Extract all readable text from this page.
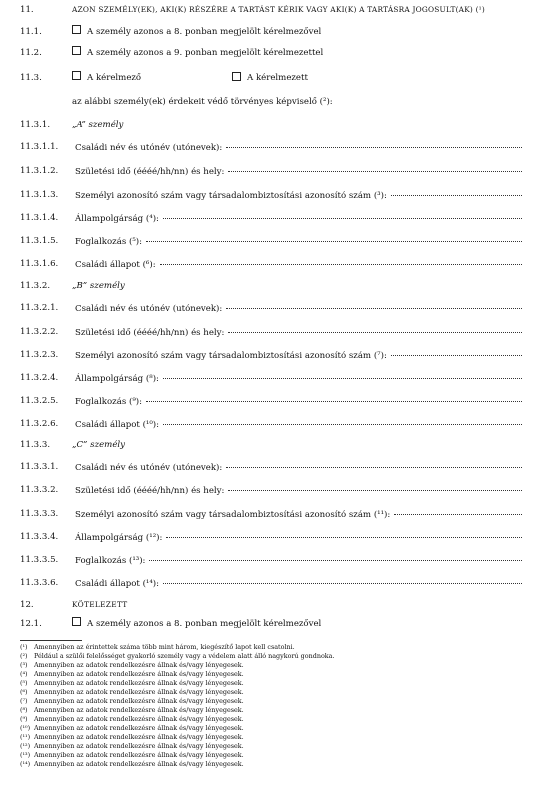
11.	AZON SZEMÉLY(EK), AKI(K) RÉSZÉRE A TARTÁST KÉRIK VAGY AKI(K) A TARTÁSRA JOGOSULT(AK) (¹)
11.1.	A személy azonos a 8. ponban megjelölt kérelmezővel
11.2.	A személy azonos a 9. ponban megjelölt kérelmezettel
11.3.	A kérelmező	A kérelmezett
az alábbi személy(ek) érdekeit védő törvényes képviselő (²):
11.3.1.	„A” személy
11.3.1.1. Családi név és utónév (utónevek):
11.3.1.2. Születési idő (éééé/hh/nn) és hely:
11.3.1.3. Személyi azonosító szám vagy társadalombiztosítási azonosító szám (³):
11.3.1.4. Állampolgárság (⁴):
11.3.1.5. Foglalkozás (⁵):
11.3.1.6. Családi állapot (⁶):
11.3.2.	„B” személy
11.3.2.1. Családi név és utónév (utónevek):
11.3.2.2. Születési idő (éééé/hh/nn) és hely:
11.3.2.3. Személyi azonosító szám vagy társadalombiztosítási azonosító szám (⁷):
11.3.2.4. Állampolgárság (⁸):
11.3.2.5. Foglalkozás (⁹):
11.3.2.6. Családi állapot (¹⁰):
11.3.3.	„C” személy
11.3.3.1. Családi név és utónév (utónevek):
11.3.3.2. Születési idő (éééé/hh/nn) és hely:
11.3.3.3. Személyi azonosító szám vagy társadalombiztosítási azonosító szám (¹¹):
11.3.3.4. Állampolgárság (¹²):
11.3.3.5. Foglalkozás (¹³):
11.3.3.6. Családi állapot (¹⁴):
12.	KÖTELEZETT
12.1.	A személy azonos a 8. ponban megjelölt kérelmezővel
(¹) Amennyiben az érintettek száma több mint három, kiegészítő lapot kell csatolni.
(²) Például a szülői felelősséget gyakorló személy vagy a védelem alatt álló nagykorú gondnoka.
(³) Amennyiben az adatok rendelkezésre állnak és/vagy lényegesek.
(⁴) Amennyiben az adatok rendelkezésre állnak és/vagy lényegesek.
(⁵) Amennyiben az adatok rendelkezésre állnak és/vagy lényegesek.
(⁶) Amennyiben az adatok rendelkezésre állnak és/vagy lényegesek.
(⁷) Amennyiben az adatok rendelkezésre állnak és/vagy lényegesek.
(⁸) Amennyiben az adatok rendelkezésre állnak és/vagy lényegesek.
(⁹) Amennyiben az adatok rendelkezésre állnak és/vagy lényegesek.
(¹⁰) Amennyiben az adatok rendelkezésre állnak és/vagy lényegesek.
(¹¹) Amennyiben az adatok rendelkezésre állnak és/vagy lényegesek.
(¹²) Amennyiben az adatok rendelkezésre állnak és/vagy lényegesek.
(¹³) Amennyiben az adatok rendelkezésre állnak és/vagy lényegesek.
(¹⁴) Amennyiben az adatok rendelkezésre állnak és/vagy lényegesek.
